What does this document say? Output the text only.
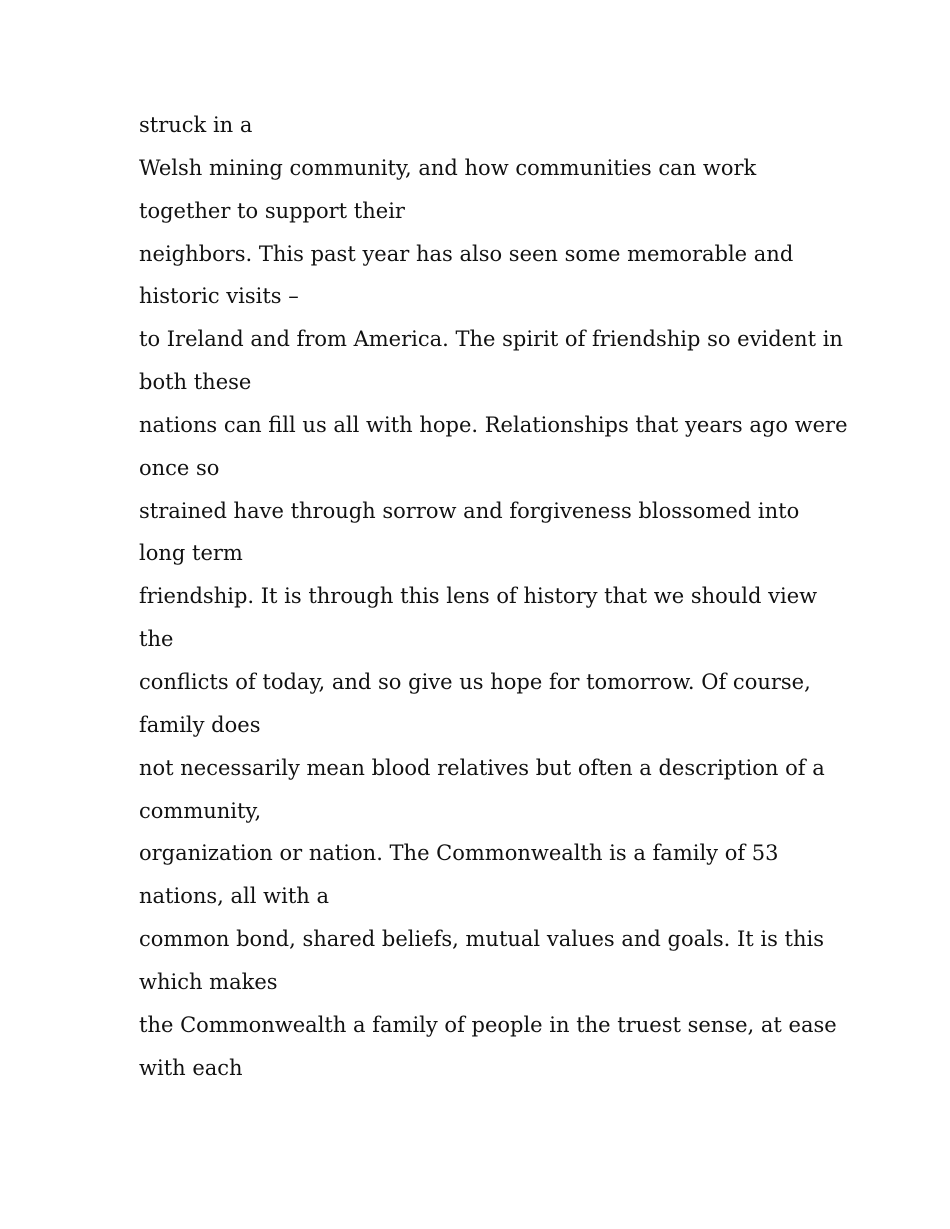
struck in a
Welsh mining community, and how communities can work
together to support their
neighbors. This past year has also seen some memorable and
historic visits –
to Ireland and from America. The spirit of friendship so evident in
both these
nations can fill us all with hope. Relationships that years ago were
once so
strained have through sorrow and forgiveness blossomed into
long term
friendship. It is through this lens of history that we should view
the
conflicts of today, and so give us hope for tomorrow. Of course,
family does
not necessarily mean blood relatives but often a description of a
community,
organization or nation. The Commonwealth is a family of 53
nations, all with a
common bond, shared beliefs, mutual values and goals. It is this
which makes
the Commonwealth a family of people in the truest sense, at ease
with each
